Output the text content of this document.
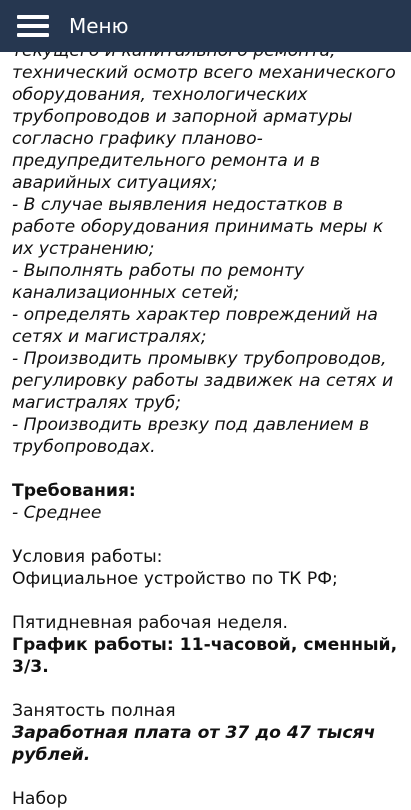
Меню

технический осмотр всего механического оборудования, технологических трубопроводов и запорной арматуры согласно графику планово-предупредительного ремонта и в аварийных ситуациях;

- В случае выявления недостатков в работе оборудования принимать меры к их устранению;

- Выполнять работы по ремонту канализационных сетей;

- определять характер повреждений на сетях и магистралях;

- Производить промывку трубопроводов, регулировку работы задвижек на сетях и магистралях труб;

- Производить врезку под давлением в трубопроводах.

Требования:

- Среднее

Условия работы:

Официальное устройство по ТК РФ;

Пятидневная рабочая неделя.

График работы: 11-часовой, сменный, 3/3.

Занятость полная

Заработная плата от 37 до 47 тысяч рублей.

Набор
